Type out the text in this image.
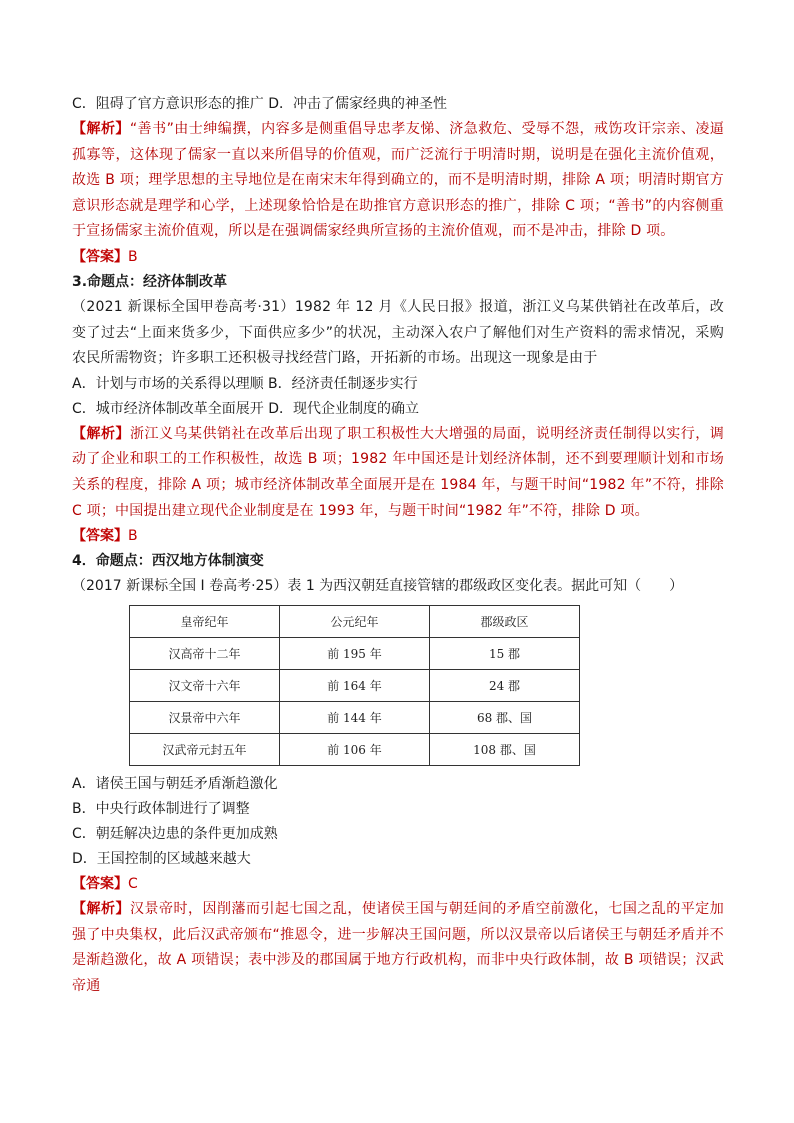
C．阻碍了官方意识形态的推广 D．冲击了儒家经典的神圣性
【解析】“善书”由士绅编撰，内容多是侧重倡导忠孝友悌、济急救危、受辱不怨，戒饬攻讦宗亲、凌逼孤寡等，这体现了儒家一直以来所倡导的价值观，而广泛流行于明清时期，说明是在强化主流价值观，故选 B 项；理学思想的主导地位是在南宋末年得到确立的，而不是明清时期，排除 A 项；明清时期官方意识形态就是理学和心学，上述现象恰恰是在助推官方意识形态的推广，排除 C 项；“善书”的内容侧重于宣扬儒家主流价值观，所以是在强调儒家经典所宣扬的主流价值观，而不是冲击，排除 D 项。
【答案】B
3.命题点：经济体制改革
（2021 新课标全国甲卷高考·31）1982 年 12 月《人民日报》报道，浙江义乌某供销社在改革后，改变了过去“上面来货多少，下面供应多少”的状况，主动深入农户了解他们对生产资料的需求情况，采购农民所需物资；许多职工还积极寻找经营门路，开拓新的市场。出现这一现象是由于
A．计划与市场的关系得以理顺 B．经济责任制逐步实行
C．城市经济体制改革全面展开 D．现代企业制度的确立
【解析】浙江义乌某供销社在改革后出现了职工积极性大大增强的局面，说明经济责任制得以实行，调动了企业和职工的工作积极性，故选 B 项；1982 年中国还是计划经济体制，还不到要理顺计划和市场关系的程度，排除 A 项；城市经济体制改革全面展开是在 1984 年，与题干时间“1982 年”不符，排除 C 项；中国提出建立现代企业制度是在 1993 年，与题干时间“1982 年”不符，排除 D 项。
【答案】B
4．命题点：西汉地方体制演变
（2017 新课标全国 I 卷高考·25）表 1 为西汉朝廷直接管辖的郡级政区变化表。据此可知（　　）
皇帝纪年	公元纪年	郡级政区
汉高帝十二年	前 195 年	15 郡
汉文帝十六年	前 164 年	24 郡
汉景帝中六年	前 144 年	68 郡、国
汉武帝元封五年	前 106 年	108 郡、国
A．诸侯王国与朝廷矛盾渐趋激化
B．中央行政体制进行了调整
C．朝廷解决边患的条件更加成熟
D．王国控制的区域越来越大
【答案】C
【解析】汉景帝时，因削藩而引起七国之乱，使诸侯王国与朝廷间的矛盾空前激化，七国之乱的平定加强了中央集权，此后汉武帝颁布“推恩令，进一步解决王国问题，所以汉景帝以后诸侯王与朝廷矛盾并不是渐趋激化，故 A 项错误；表中涉及的郡国属于地方行政机构，而非中央行政体制，故 B 项错误；汉武帝通
